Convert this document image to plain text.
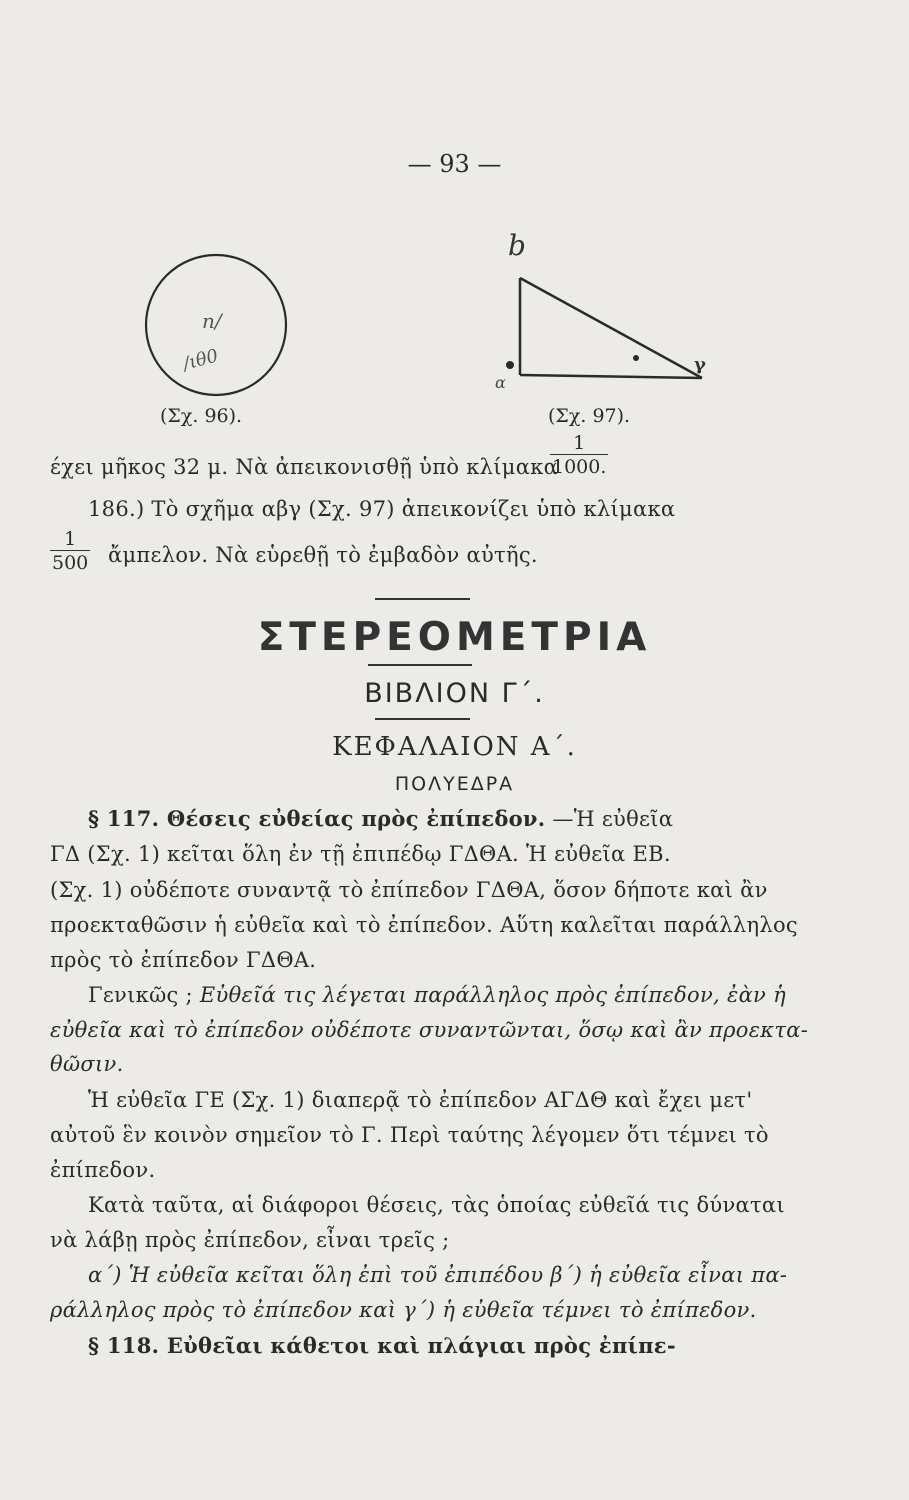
— 93 —
n/
/ιθ0
(Σχ. 96).
b
α
γ
(Σχ. 97).
έχει μῆκος 32 μ. Νὰ ἀπεικονισθῇ ὑπὸ κλίμακα
$\frac{1}{1000.}$
186.) Τὸ σχῆμα αβγ (Σχ. 97) ἀπεικονίζει ὑπὸ κλίμακα
$\frac{1}{500}$ ἄμπελον. Νὰ εὑρεθῇ τὸ ἐμβαδὸν αὐτῆς.
ΣΤΕΡΕΟΜΕΤΡΙΑ
ΒΙΒΛΙΟΝ Γ΄.
ΚΕΦΑΛΑΙΟΝ Α΄.
ΠΟΛΥΕΔΡΑ
§ 117. Θέσεις εὐθείας πρὸς ἐπίπεδον. —Ἡ εὐθεῖα
ΓΔ (Σχ. 1) κεῖται ὅλη ἐν τῇ ἐπιπέδῳ ΓΔΘΑ. Ἡ εὐθεῖα ΕΒ.
(Σχ. 1) οὐδέποτε συναντᾷ τὸ ἐπίπεδον ΓΔΘΑ, ὅσον δήποτε καὶ ἂν
προεκταθῶσιν ἡ εὐθεῖα καὶ τὸ ἐπίπεδον. Αὕτη καλεῖται παράλληλος
πρὸς τὸ ἐπίπεδον ΓΔΘΑ.
Γενικῶς ; Εὐθεῖά τις λέγεται παράλληλος πρὸς ἐπίπεδον, ἐὰν ἡ
εὐθεῖα καὶ τὸ ἐπίπεδον οὐδέποτε συναντῶνται, ὅσῳ καὶ ἂν προεκτα-
θῶσιν.
Ἡ εὐθεῖα ΓΕ (Σχ. 1) διαπερᾷ τὸ ἐπίπεδον ΑΓΔΘ καὶ ἔχει μετ'
αὐτοῦ ἓν κοινὸν σημεῖον τὸ Γ. Περὶ ταύτης λέγομεν ὅτι τέμνει τὸ
ἐπίπεδον.
Κατὰ ταῦτα, αἱ διάφοροι θέσεις, τὰς ὁποίας εὐθεῖά τις δύναται
νὰ λάβῃ πρὸς ἐπίπεδον, εἶναι τρεῖς ;
α΄) Ἡ εὐθεῖα κεῖται ὅλη ἐπὶ τοῦ ἐπιπέδου β΄) ἡ εὐθεῖα εἶναι πα-
ράλληλος πρὸς τὸ ἐπίπεδον καὶ γ΄) ἡ εὐθεῖα τέμνει τὸ ἐπίπεδον.
§ 118. Εὐθεῖαι κάθετοι καὶ πλάγιαι πρὸς ἐπίπε-
